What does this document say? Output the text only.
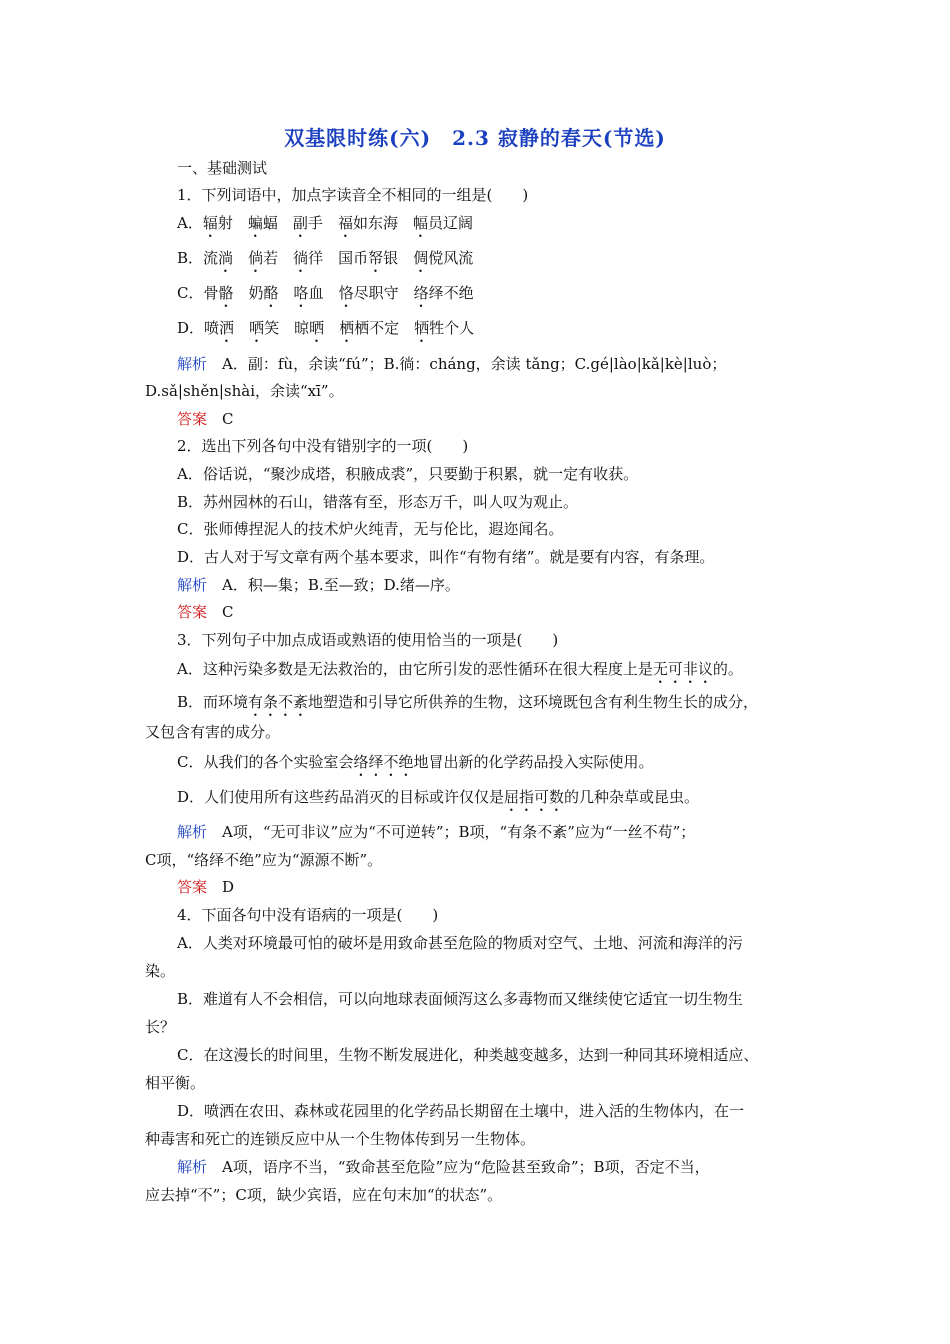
双基限时练(六)　2.3 寂静的春天(节选)
一、基础测试
1．下列词语中，加点字读音全不相同的一组是(　　)
A．辐射　蝙蝠　副手　福如东海　幅员辽阔
B．流淌　 倘若　徜徉　国币帑银　倜傥风流
C．骨骼　奶酪　 咯血　恪尽职守　络绎不绝
D．喷洒　 哂笑　晾晒　 栖栖不定　牺牲个人
解析　 A．副：fù，余读“fú”；B.徜：cháng，余读 tǎng；C.gé|lào|kǎ|kè|luò；
D.sǎ|shěn|shài，余读“xī”。
答案　 C
2．选出下列各句中没有错别字的一项(　　)
A．俗话说，“聚沙成塔，积腋成裘”，只要勤于积累，就一定有收获。
B．苏州园林的石山，错落有至，形态万千，叫人叹为观止。
C．张师傅捏泥人的技术炉火纯青，无与伦比，遐迩闻名。
D．古人对于写文章有两个基本要求，叫作“有物有绪”。就是要有内容，有条理。
解析　 A．积—集；B.至—致；D.绪—序。
答案　 C
3．下列句子中加点成语或熟语的使用恰当的一项是(　　)
A．这种污染多数是无法救治的，由它所引发的恶性循环在很大程度上是无可非议的。
B．而环境有条不紊地塑造和引导它所供养的生物，这环境既包含有利生物生长的成分，
又包含有害的成分。
C．从我们的各个实验室会络绎不绝地冒出新的化学药品投入实际使用。
D．人们使用所有这些药品消灭的目标或许仅仅是屈指可数的几种杂草或昆虫。
解析　 A项，“无可非议”应为“不可逆转”；B项，“有条不紊”应为“一丝不苟”；
C项，“络绎不绝”应为“源源不断”。
答案　 D
4．下面各句中没有语病的一项是(　　)
A．人类对环境最可怕的破坏是用致命甚至危险的物质对空气、土地、河流和海洋的污
染。
B．难道有人不会相信，可以向地球表面倾泻这么多毒物而又继续使它适宜一切生物生
长？
C．在这漫长的时间里，生物不断发展进化，种类越变越多，达到一种同其环境相适应、
相平衡。
D．喷洒在农田、森林或花园里的化学药品长期留在土壤中，进入活的生物体内，在一
种毒害和死亡的连锁反应中从一个生物体传到另一生物体。
解析　 A项，语序不当，“致命甚至危险”应为“危险甚至致命”；B项，否定不当，
应去掉“不”；C项，缺少宾语，应在句末加“的状态”。
